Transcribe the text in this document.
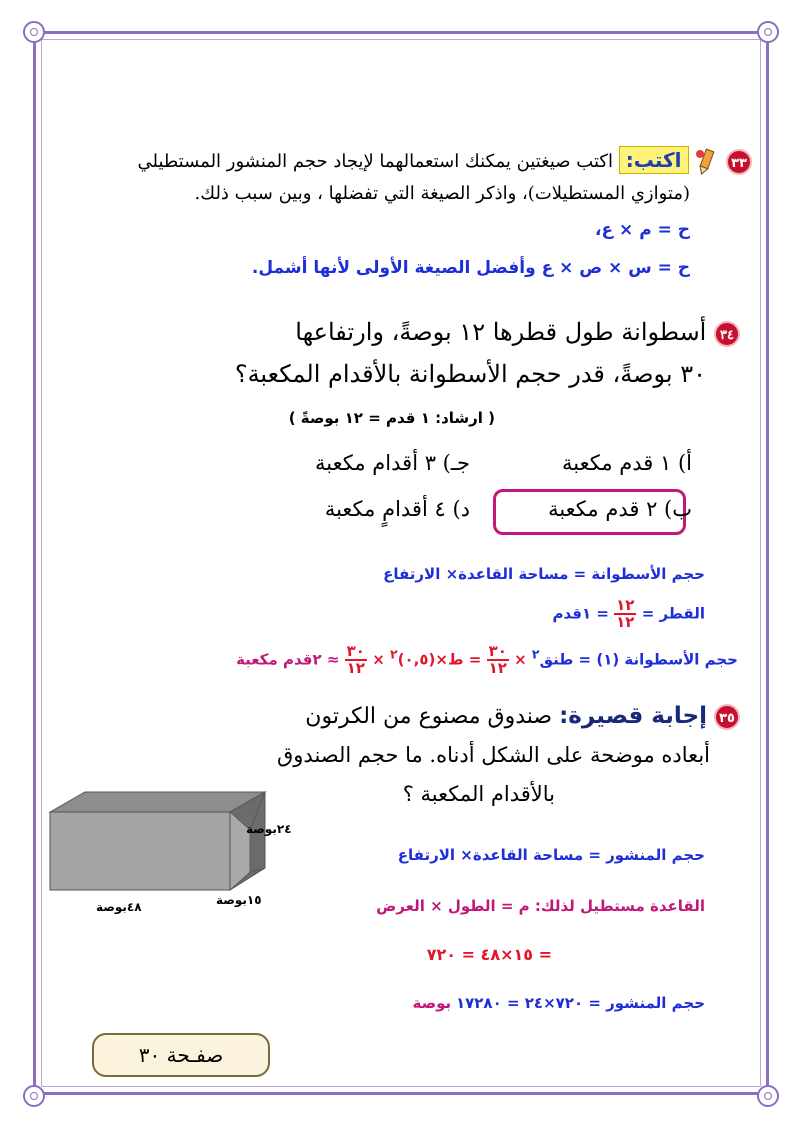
٣٣  اكتب: اكتب صيغتين يمكنك استعمالهما لإيجاد حجم المنشور المستطيلي
(متوازي المستطيلات)، واذكر الصيغة التي تفضلها ، وبين سبب ذلك.
ح = م × ع،
ح = س × ص × ع وأفضل الصيغة الأولى لأنها أشمل.
٣٤ أسطوانة طول قطرها ١٢ بوصةً، وارتفاعها
٣٠ بوصةً، قدر حجم الأسطوانة بالأقدام المكعبة؟
( ارشاد: ١ قدم = ١٢ بوصةً )
أ) ١ قدم مكعبة
جـ) ٣ أقدام مكعبة
ب) ٢ قدم مكعبة
د) ٤ أقدامٍ مكعبة
حجم الأسطوانة = مساحة القاعدة× الارتفاع
القطر =
$\frac{١٢}{١٢}$
= ١قدم
حجم الأسطوانة (١) = طنق$^٢$ ×
$\frac{٣٠}{١٢}$
= ط×(٠,٥)$^٢$ ×
$\frac{٣٠}{١٢}$
≈ ٢قدم مكعبة
٣٥ إجابة قصيرة: صندوق مصنوع من الكرتون
أبعاده موضحة على الشكل أدناه. ما حجم الصندوق
بالأقدام المكعبة ؟
٢٤بوصة
١٥بوصة
٤٨بوصة
حجم المنشور = مساحة القاعدة× الارتفاع
القاعدة مستطيل لذلك: م = الطول × العرض
= ١٥×٤٨ = ٧٢٠
حجم المنشور = ٧٢٠×٢٤ = ١٧٢٨٠ بوصة
صفـحة ٣٠
